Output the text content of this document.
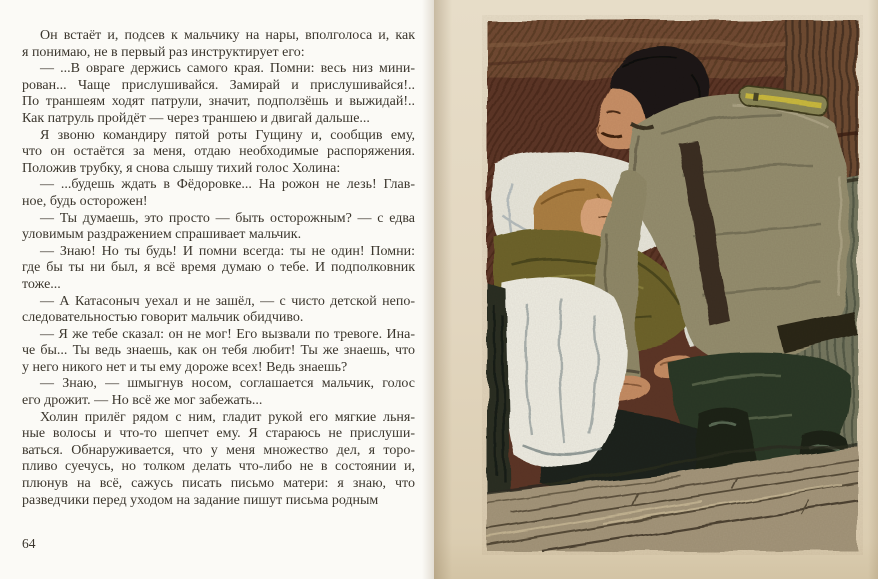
Он встаёт и, подсев к мальчику на нары, вполголоса и, как
я понимаю, не в первый раз инструктирует его:
— ...В овраге держись самого края. Помни: весь низ мини-
рован... Чаще прислушивайся. Замирай и прислушивайся!..
По траншеям ходят патрули, значит, подползёшь и выжидай!..
Как патруль пройдёт — через траншею и двигай дальше...
Я звоню командиру пятой роты Гущину и, сообщив ему,
что он остаётся за меня, отдаю необходимые распоряжения.
Положив трубку, я снова слышу тихий голос Холина:
— ...будешь ждать в Фёдоровке... На рожон не лезь! Глав-
ное, будь осторожен!
— Ты думаешь, это просто — быть осторожным? — с едва
уловимым раздражением спрашивает мальчик.
— Знаю! Но ты будь! И помни всегда: ты не один! Помни:
где бы ты ни был, я всё время думаю о тебе. И подполковник
тоже...
— А Катасоныч уехал и не зашёл, — с чисто детской непо-
следовательностью говорит мальчик обидчиво.
— Я же тебе сказал: он не мог! Его вызвали по тревоге. Ина-
че бы... Ты ведь знаешь, как он тебя любит! Ты же знаешь, что
у него никого нет и ты ему дороже всех! Ведь знаешь?
— Знаю, — шмыгнув носом, соглашается мальчик, голос
его дрожит. — Но всё же мог забежать...
Холин прилёг рядом с ним, гладит рукой его мягкие льня-
ные волосы и что-то шепчет ему. Я стараюсь не прислуши-
ваться. Обнаруживается, что у меня множество дел, я торо-
пливо суечусь, но толком делать что-либо не в состоянии и,
плюнув на всё, сажусь писать письмо матери: я знаю, что
разведчики перед уходом на задание пишут письма родным
64
